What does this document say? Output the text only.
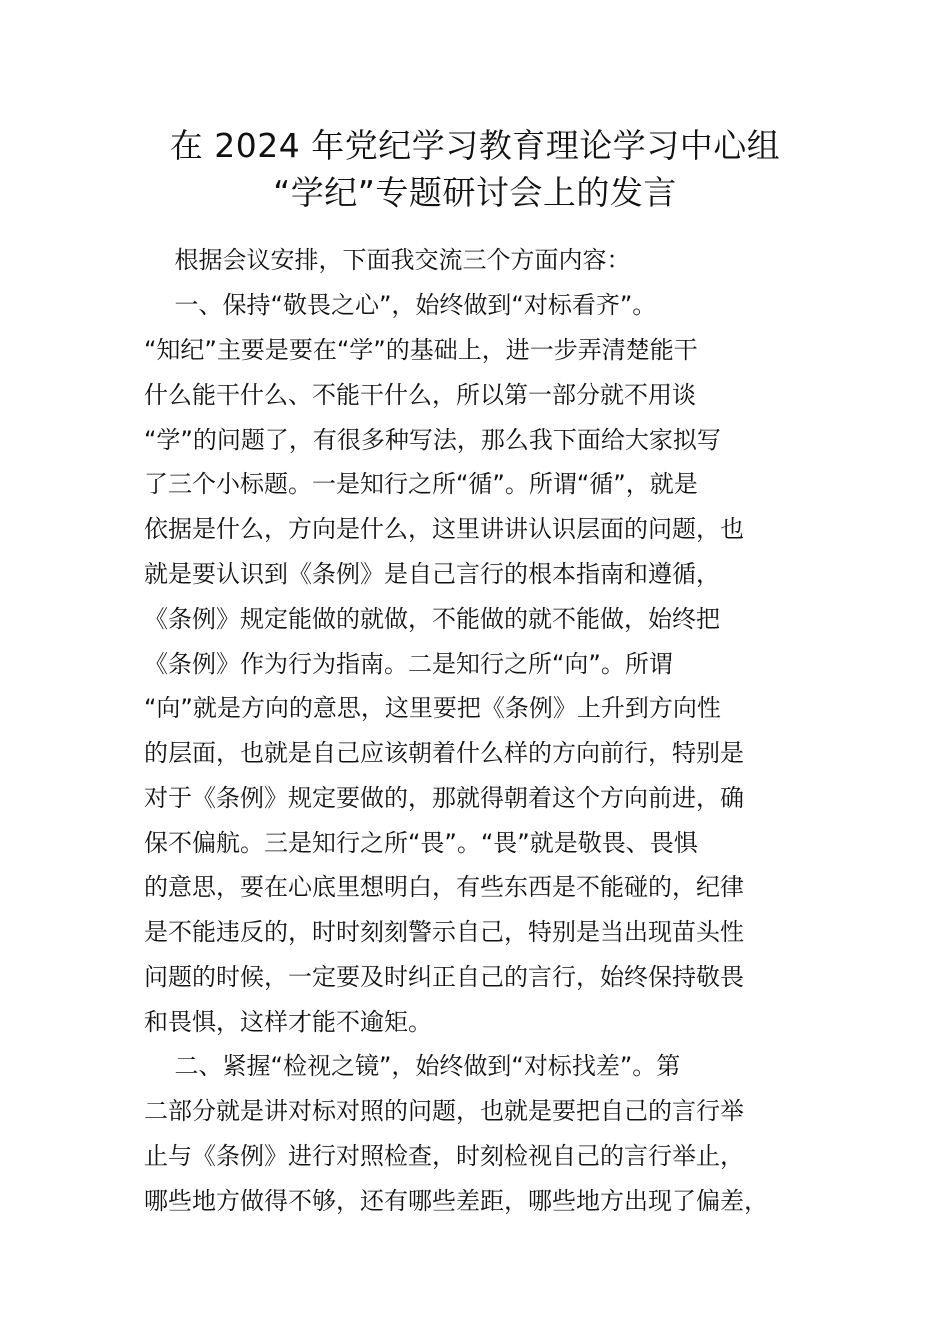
在 2024 年党纪学习教育理论学习中心组
“学纪”专题研讨会上的发言
根据会议安排，下面我交流三个方面内容：
一、保持“敬畏之心”，始终做到“对标看齐”。
“知纪”主要是要在“学”的基础上，进一步弄清楚能干
什么能干什么、不能干什么，所以第一部分就不用谈
“学”的问题了，有很多种写法，那么我下面给大家拟写
了三个小标题。一是知行之所“循”。所谓“循”，就是
依据是什么，方向是什么，这里讲讲认识层面的问题，也
就是要认识到《条例》是自己言行的根本指南和遵循，
《条例》规定能做的就做，不能做的就不能做，始终把
《条例》作为行为指南。二是知行之所“向”。所谓
“向”就是方向的意思，这里要把《条例》上升到方向性
的层面，也就是自己应该朝着什么样的方向前行，特别是
对于《条例》规定要做的，那就得朝着这个方向前进，确
保不偏航。三是知行之所“畏”。“畏”就是敬畏、畏惧
的意思，要在心底里想明白，有些东西是不能碰的，纪律
是不能违反的，时时刻刻警示自己，特别是当出现苗头性
问题的时候，一定要及时纠正自己的言行，始终保持敬畏
和畏惧，这样才能不逾矩。
二、紧握“检视之镜”，始终做到“对标找差”。第
二部分就是讲对标对照的问题，也就是要把自己的言行举
止与《条例》进行对照检查，时刻检视自己的言行举止，
哪些地方做得不够，还有哪些差距，哪些地方出现了偏差，
